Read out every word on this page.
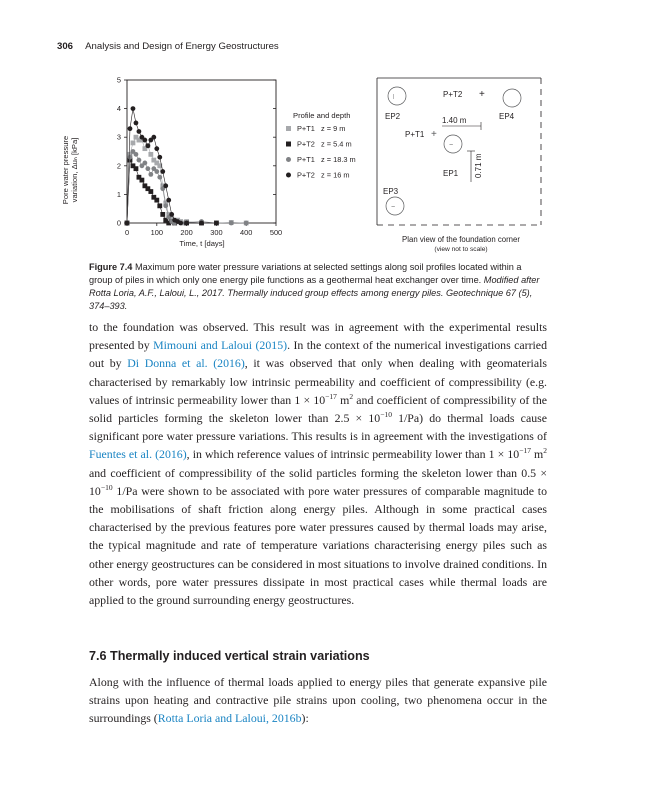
306 Analysis and Design of Energy Geostructures
Pore water pressure variation, Δuₙ [kPa]
0
1
2
3
4
5
0	100 200 300 400 500
Time, t [days]
Profile and depth
P+T1 z = 9 m
P+T2 z = 5.4 m
P+T1 z = 18.3 m
P+T2 z = 16 m
|
−
−
P+T2 +
P+T1 +
EP2	EP4
EP1
EP3
1.40 m
0.71 m
Plan view of the foundation corner
(view not to scale)
Figure 7.4 Maximum pore water pressure variations at selected settings along soil profiles located within a group of piles in which only one energy pile functions as a geothermal heat exchanger over time. Modified after Rotta Loria, A.F., Laloui, L., 2017. Thermally induced group effects among energy piles. Geotechnique 67 (5), 374–393.

to the foundation was observed. This result was in agreement with the experimental results presented by Mimouni and Laloui (2015). In the context of the numerical investigations carried out by Di Donna et al. (2016), it was observed that only when dealing with geomaterials characterised by remarkably low intrinsic permeability and coefficient of compressibility (e.g. values of intrinsic permeability lower than $1 \times 10^{-17}$ $m^2$ and coefficient of compressibility of the solid particles forming the skeleton lower than $2.5 \times 10^{-10}$ 1/Pa) do thermal loads cause significant pore water pressure variations. This results is in agreement with the investigations of Fuentes et al. (2016), in which reference values of intrinsic permeability lower than $1 \times 10^{-17}$ $m^2$ and coefficient of compressibility of the solid particles forming the skeleton lower than $0.5 \times 10^{-10}$ 1/Pa were shown to be associated with pore water pressures of comparable magnitude to the mobilisations of shaft friction along energy piles. Although in some practical cases characterised by the previous features pore water pressures caused by thermal loads may arise, the typical magnitude and rate of temperature variations characterising energy piles such as other energy geostructures can be considered in most situations to involve drained conditions. In other words, pore water pressures dissipate in most practical cases while thermal loads are applied to the ground surrounding energy geostructures.

7.6 Thermally induced vertical strain variations

Along with the influence of thermal loads applied to energy piles that generate expansive pile strains upon heating and contractive pile strains upon cooling, two phenomena occur in the surroundings (Rotta Loria and Laloui, 2016b):
